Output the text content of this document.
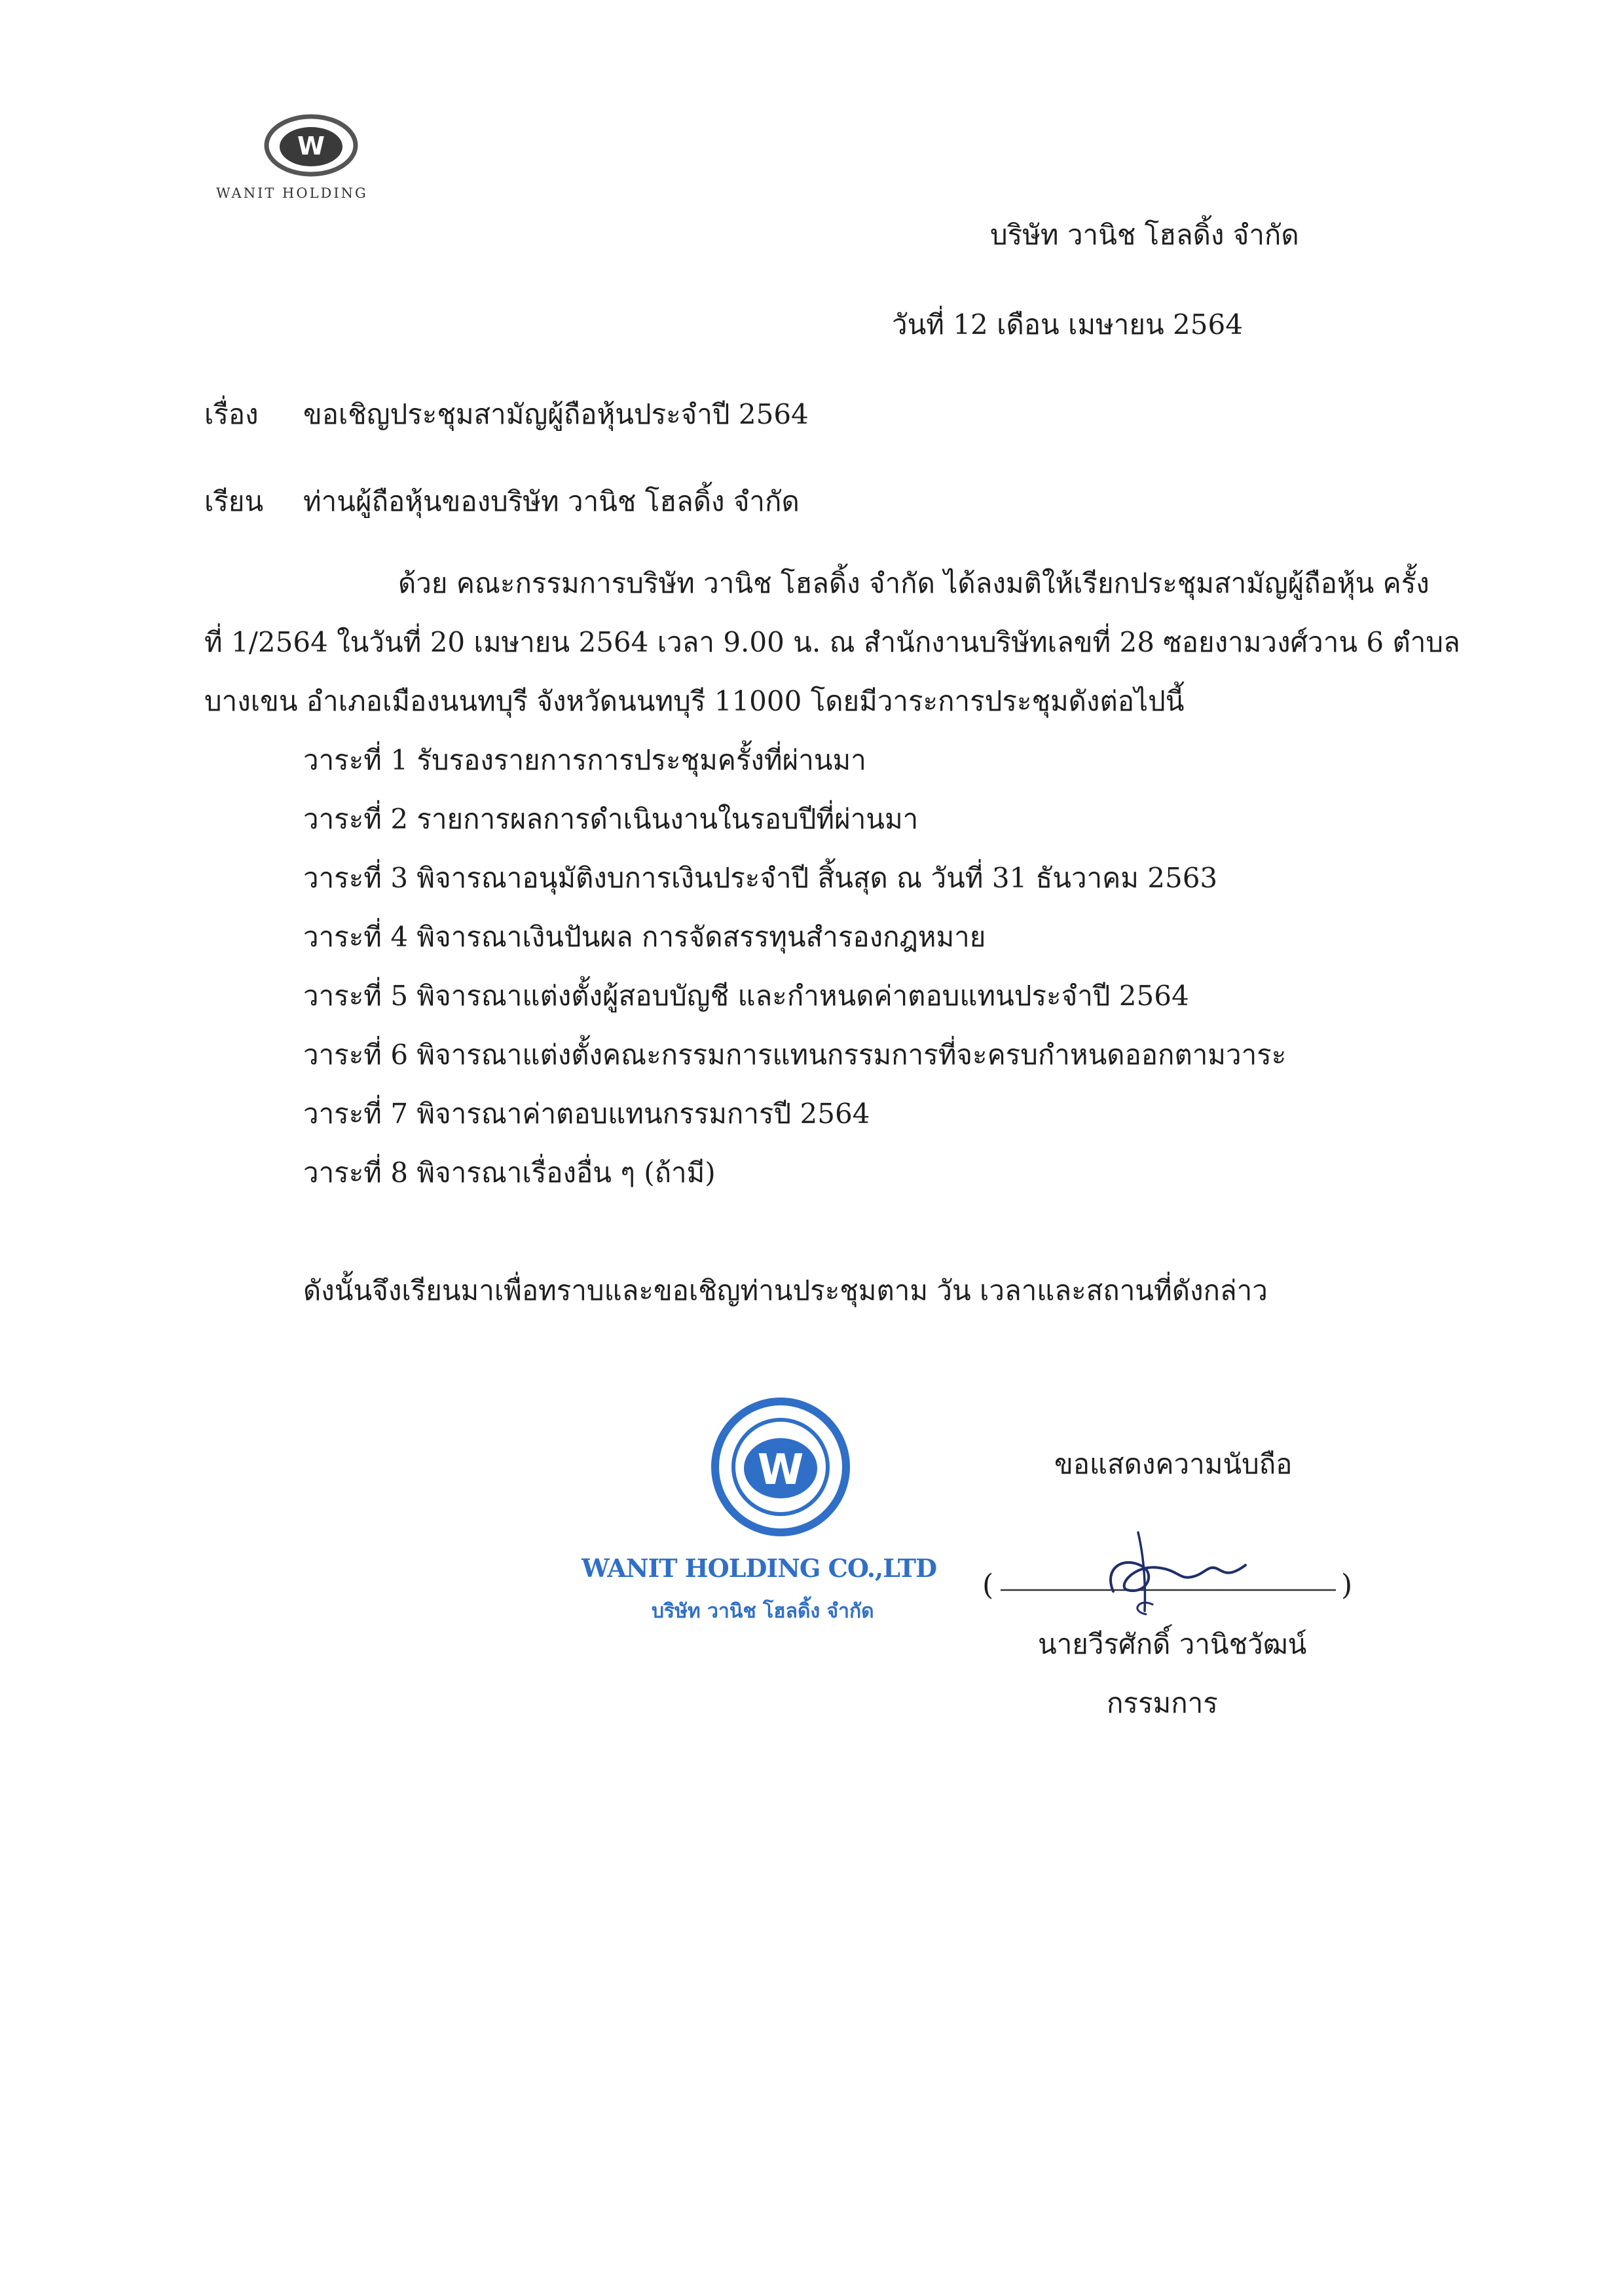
W
WANIT HOLDING
บริษัท วานิช โฮลดิ้ง จำกัด
วันที่ 12 เดือน เมษายน 2564
เรื่อง ขอเชิญประชุมสามัญผู้ถือหุ้นประจำปี 2564
เรียน ท่านผู้ถือหุ้นของบริษัท วานิช โฮลดิ้ง จำกัด
ด้วย คณะกรรมการบริษัท วานิช โฮลดิ้ง จำกัด ได้ลงมติให้เรียกประชุมสามัญผู้ถือหุ้น ครั้ง
ที่ 1/2564 ในวันที่ 20 เมษายน 2564 เวลา 9.00 น. ณ สำนักงานบริษัทเลขที่ 28 ซอยงามวงศ์วาน 6 ตำบล
บางเขน อำเภอเมืองนนทบุรี จังหวัดนนทบุรี 11000 โดยมีวาระการประชุมดังต่อไปนี้
วาระที่ 1 รับรองรายการการประชุมครั้งที่ผ่านมา
วาระที่ 2 รายการผลการดำเนินงานในรอบปีที่ผ่านมา
วาระที่ 3 พิจารณาอนุมัติงบการเงินประจำปี สิ้นสุด ณ วันที่ 31 ธันวาคม 2563
วาระที่ 4 พิจารณาเงินปันผล การจัดสรรทุนสำรองกฎหมาย
วาระที่ 5 พิจารณาแต่งตั้งผู้สอบบัญชี และกำหนดค่าตอบแทนประจำปี 2564
วาระที่ 6 พิจารณาแต่งตั้งคณะกรรมการแทนกรรมการที่จะครบกำหนดออกตามวาระ
วาระที่ 7 พิจารณาค่าตอบแทนกรรมการปี 2564
วาระที่ 8 พิจารณาเรื่องอื่น ๆ (ถ้ามี)
ดังนั้นจึงเรียนมาเพื่อทราบและขอเชิญท่านประชุมตาม วัน เวลาและสถานที่ดังกล่าว
W
WANIT HOLDING CO.,LTD
บริษัท วานิช โฮลดิ้ง จำกัด
ขอแสดงความนับถือ
(	)
นายวีรศักดิ์ วานิชวัฒน์
กรรมการ
